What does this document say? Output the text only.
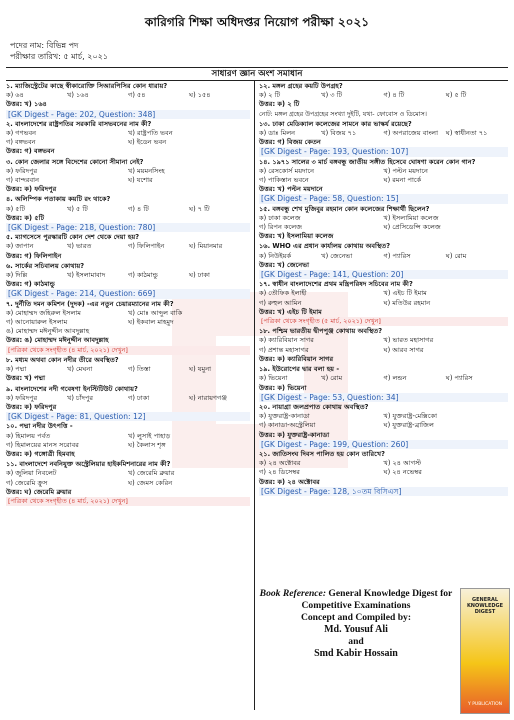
কারিগরি শিক্ষা অধিদপ্তর নিয়োগ পরীক্ষা ২০২১
পদের নাম: বিভিন্ন পদ
পরীক্ষার তারিখ: ৫ মার্চ, ২০২১
সাধারণ জ্ঞান অংশ সমাধান
১. ম্যাজিস্ট্রেটের কাছে স্বীকারোক্তি সিআরপিসির কোন ধারায়?
ক) ৬৪	খ) ১৬৪	গ) ৫৪	ঘ) ১৫৪
উত্তর: খ) ১৬৪
[GK Digest - Page: 202, Question: 348]
২. বাংলাদেশের রাষ্ট্রপতির সরকারি বাসভবনের নাম কী?
ক) গণভবন	খ) রাষ্ট্রপতি ভবন
গ) বঙ্গভবন	ঘ) ইডেন ভবন
উত্তর: গ) বঙ্গভবন
৩. কোন জেলার সঙ্গে বিদেশের কোনো সীমানা নেই?
ক) ফরিদপুর	খ) ময়মনসিংহ
গ) বান্দরবান	ঘ) যশোর
উত্তর: ক) ফরিদপুর
৪. অলিম্পিক পতাকায় কয়টি রং থাকে?
ক) ৫টি	খ) ৫ টি	গ) ৪ টি	ঘ) ৭ টি
উত্তর: ক) ৫টি
[GK Digest - Page: 218, Question: 780]
৫. ম্যাগসেসে পুরস্কারটি কোন দেশ থেকে দেয়া হয়?
ক) জাপান	খ) ভারত	গ) ফিলিপাইন	ঘ) মিয়ানমার
উত্তর: গ) ফিলিপাইন
৬. সার্কের সচিবালয় কোথায়?
ক) দিল্লি	খ) ইসলামাবাদ	গ) কাঠমান্ডু	ঘ) ঢাকা
উত্তর: গ) কাঠমান্ডু
[GK Digest - Page: 214, Question: 669]
৭. দুর্নীতি দমন কমিশন (দুদক) -এর নতুন চেয়ারম্যানের নাম কী?
ক) মোহাম্মদ জহিরুল ইসলাম	খ) মোঃ আব্দুল বাকি
গ) আনোয়ারুল ইসলাম	ঘ) ইকবাল মাহমুদ
ঙ) মোহাম্মদ মঈনুদ্দীন আবদুল্লাহ
উত্তর: ঙ) মোহাম্মদ মঈনুদ্দীন আবদুল্লাহ
[পত্রিকা থেকে সংগৃহীত (৪ মার্চ, ২০২১) দেখুন]
৮. মধ্যম অথবা কোন নদীর তীরে অবস্থিত?
ক) পদ্মা	খ) মেঘনা	গ) তিস্তা	ঘ) যমুনা
উত্তর: খ) পদ্মা
৯. বাংলাদেশের নদী গবেষণা ইনস্টিটিউট কোথায়?
ক) ফরিদপুর	খ) চাঁদপুর	গ) ঢাকা	ঘ) নারায়ণগঞ্জ
উত্তর: ক) ফরিদপুর
[GK Digest - Page: 81, Question: 12]
১০. পদ্মা নদীর উৎপত্তি -
ক) হিমালয় পর্বত	খ) লুসাই পাহাড়
গ) হিমালয়ের মানস সরোবর	ঘ) কৈলাস শৃঙ্গ
উত্তর: ক) গঙ্গোত্রী হিমবাহ
১১. বাংলাদেশে নবনিযুক্ত অস্ট্রেলিয়ার হাইকমিশনারের নাম কী?
ক) জুলিয়া নিবলেট	খ) জেরেমি ব্রুয়ার
গ) জেরেমি ক্রুস	ঘ) জেমস কেরিন
উত্তর: ঘ) জেরেমি ব্রুয়ার
[পত্রিকা থেকে সংগৃহীত (৪ মার্চ, ২০২১) দেখুন]
১২. মঙ্গল গ্রহের কয়টি উপগ্রহ?
ক) ২ টি	খ) ৩ টি	গ) ৪ টি	ঘ) ৫ টি
উত্তর: ক) ২ টি
নোট: মঙ্গল গ্রহের উপগ্রহের সংখ্যা দুইটি, যথা- ফোবোস ও ডিমোস।
১৩. ঢাকা মেডিক্যাল কলেজের সামনে কার ভাস্কর্য রয়েছে?
ক) ডাঃ মিলন	খ) বিজয় ৭১	গ) অপরাজেয় বাংলা	ঘ) স্বাধীনতা ৭১
উত্তর: গ) বিজয় কেতন
[GK Digest - Page: 193, Question: 107]
১৪. ১৯৭১ সালের ৩ মার্চ বঙ্গবন্ধু জাতীয় সঙ্গীত হিসেবে ঘোষণা করেন কোন গান?
ক) রেসকোর্স ময়দানে	খ) পল্টন ময়দানে
গ) পাকিস্তান ভবনে	ঘ) রমনা পার্কে
উত্তর: খ) পল্টন ময়দানে
[GK Digest - Page: 58, Question: 15]
১৫. বঙ্গবন্ধু শেখ মুজিবুর রহমান কোন কলেজের শিক্ষার্থী ছিলেন?
ক) ঢাকা কলেজ	খ) ইসলামিয়া কলেজ
গ) রিপন কলেজ	ঘ) প্রেসিডেন্সি কলেজ
উত্তর: খ) ইসলামিয়া কলেজ
১৬. WHO এর প্রধান কার্যালয় কোথায় অবস্থিত?
ক) নিউইয়র্ক	খ) জেনেভা	গ) প্যারিস	ঘ) রোম
উত্তর: খ) জেনেভা
[GK Digest - Page: 141, Question: 20]
১৭. স্বাধীন বাংলাদেশের প্রথম মন্ত্রিপরিষদ সচিবের নাম কী?
ক) তৌফিক ইলাহী	খ) এইচ টি ইমাম
গ) রুহুল আমিন	ঘ) মতিউর রহমান
উত্তর: খ) এইচ টি ইমাম
[পত্রিকা থেকে সংগৃহীত (৫ মার্চ, ২০২১) দেখুন]
১৮. পশ্চিম ভারতীয় দ্বীপপুঞ্জ কোথায় অবস্থিত?
ক) ক্যারিবিয়ান সাগর	খ) ভারত মহাসাগর
গ) প্রশান্ত মহাসাগর	ঘ) আরব সাগর
উত্তর: ক) ক্যারিবিয়ান সাগর
১৯. ইউরোপের দ্বার বলা হয় -
ক) ভিয়েনা	খ) রোম	গ) লন্ডন	ঘ) প্যারিস
উত্তর: ক) ভিয়েনা
[GK Digest - Page: 53, Question: 34]
২০. নায়াগ্রা জলপ্রপাত কোথায় অবস্থিত?
ক) যুক্তরাষ্ট্র-কানাডা	খ) যুক্তরাষ্ট্র-মেক্সিকো
গ) কানাডা-অস্ট্রেলিয়া	ঘ) যুক্তরাষ্ট্র-ব্রাজিল
উত্তর: ক) যুক্তরাষ্ট্র-কানাডা
[GK Digest - Page: 199, Question: 260]
২১. জাতিসংঘ দিবস পালিত হয় কোন তারিখে?
ক) ২৪ অক্টোবর	খ) ২৪ আগস্ট
গ) ২৪ ডিসেম্বর	ঘ) ২৪ নভেম্বর
উত্তর: ক) ২৪ অক্টোবর
[GK Digest - Page: 128, ১০তম বিসিএস]
Book Reference: General Knowledge Digest for Competitive Examinations
Concept and Compiled by:
Md. Yousuf Ali
and
Smd Kabir Hossain
GENERAL KNOWLEDGE DIGEST
Y PUBLICATION
